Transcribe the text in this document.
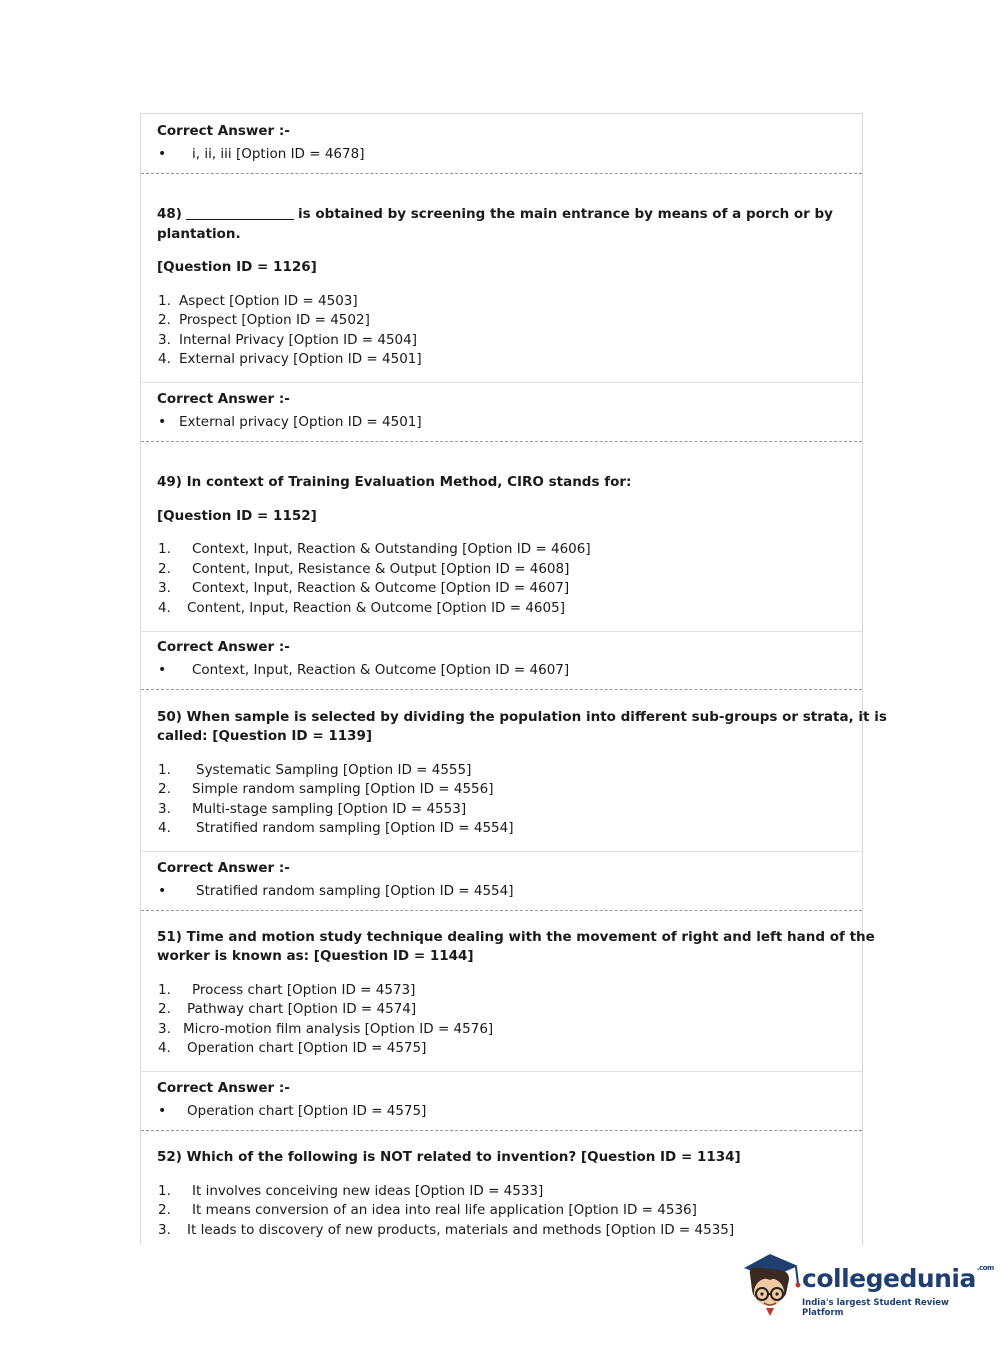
Correct Answer :-
• i, ii, iii [Option ID = 4678]
48)	is obtained by screening the main entrance by means of a porch or by
plantation.
[Question ID = 1126]
1. Aspect [Option ID = 4503]
2. Prospect [Option ID = 4502]
3. Internal Privacy [Option ID = 4504]
4. External privacy [Option ID = 4501]
Correct Answer :-
• External privacy [Option ID = 4501]
49) In context of Training Evaluation Method, CIRO stands for:
[Question ID = 1152]
1. Context, Input, Reaction & Outstanding [Option ID = 4606]
2. Content, Input, Resistance & Output [Option ID = 4608]
3. Context, Input, Reaction & Outcome [Option ID = 4607]
4. Content, Input, Reaction & Outcome [Option ID = 4605]
Correct Answer :-
• Context, Input, Reaction & Outcome [Option ID = 4607]
50) When sample is selected by dividing the population into different sub-groups or strata, it is
called: [Question ID = 1139]
1. Systematic Sampling [Option ID = 4555]
2. Simple random sampling [Option ID = 4556]
3. Multi-stage sampling [Option ID = 4553]
4. Stratified random sampling [Option ID = 4554]
Correct Answer :-
• Stratified random sampling [Option ID = 4554]
51) Time and motion study technique dealing with the movement of right and left hand of the
worker is known as: [Question ID = 1144]
1. Process chart [Option ID = 4573]
2. Pathway chart [Option ID = 4574]
3. Micro-motion film analysis [Option ID = 4576]
4. Operation chart [Option ID = 4575]
Correct Answer :-
• Operation chart [Option ID = 4575]
52) Which of the following is NOT related to invention? [Question ID = 1134]
1. It involves conceiving new ideas [Option ID = 4533]
2. It means conversion of an idea into real life application [Option ID = 4536]
3. It leads to discovery of new products, materials and methods [Option ID = 4535]
collegedunia$^{.com}$
India's largest Student Review Platform
